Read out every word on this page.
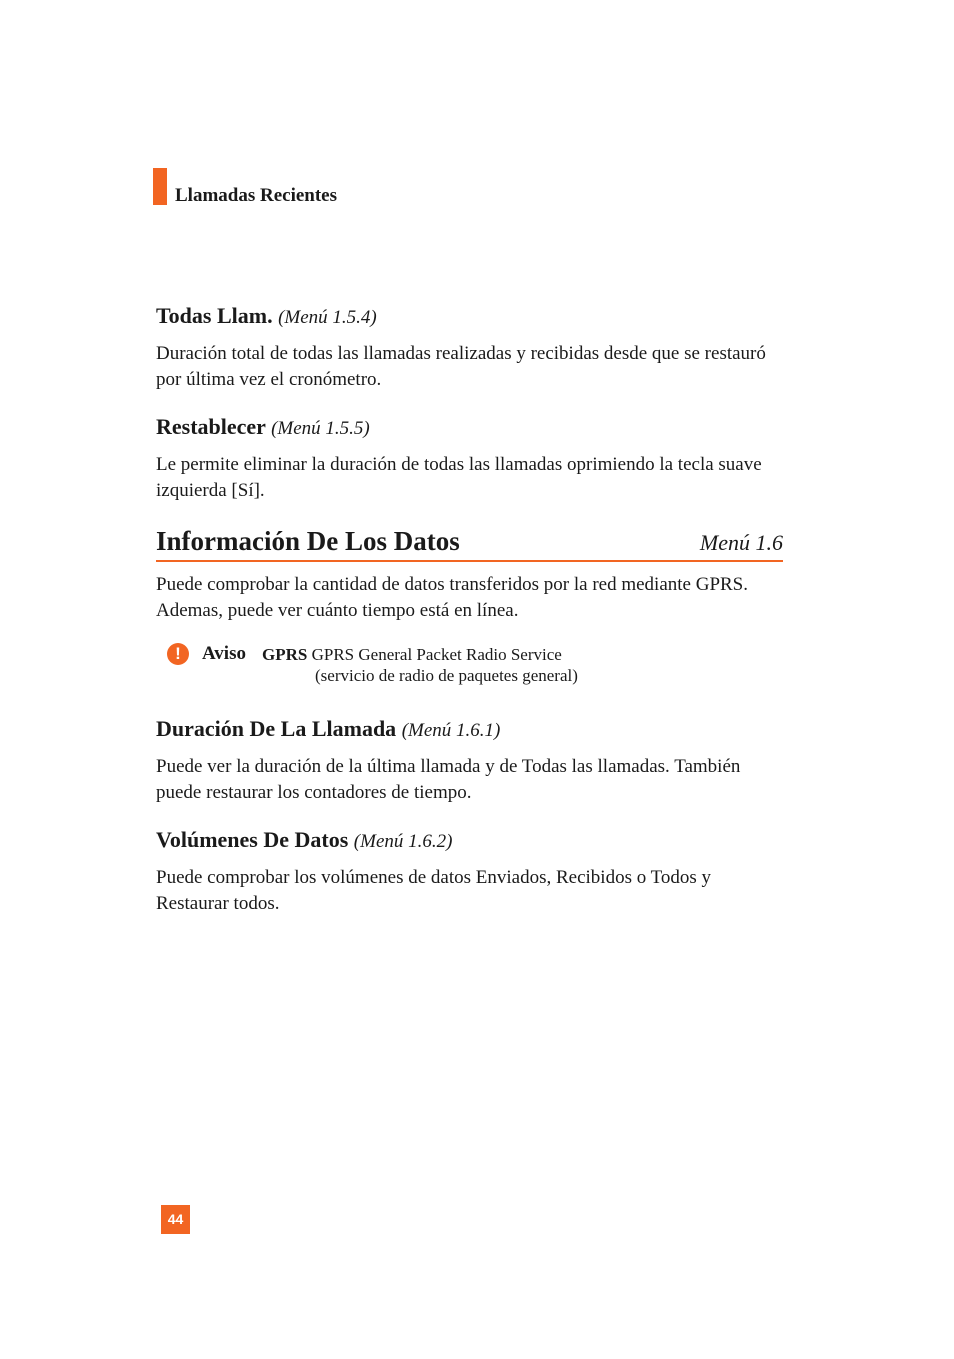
Llamadas Recientes
Todas Llam. (Menú 1.5.4)

Duración total de todas las llamadas realizadas y recibidas desde que se restauró por última vez el cronómetro.

Restablecer (Menú 1.5.5)

Le permite eliminar la duración de todas las llamadas oprimiendo la tecla suave izquierda [Sí].

Información De Los Datos	Menú 1.6

Puede comprobar la cantidad de datos transferidos por la red mediante GPRS. Ademas, puede ver cuánto tiempo está en línea.

!	Aviso GPRS GPRS General Packet Radio Service
(servicio de radio de paquetes general)
Duración De La Llamada (Menú 1.6.1)

Puede ver la duración de la última llamada y de Todas las llamadas. También puede restaurar los contadores de tiempo.

Volúmenes De Datos (Menú 1.6.2)

Puede comprobar los volúmenes de datos Enviados, Recibidos o Todos y Restaurar todos.

44
